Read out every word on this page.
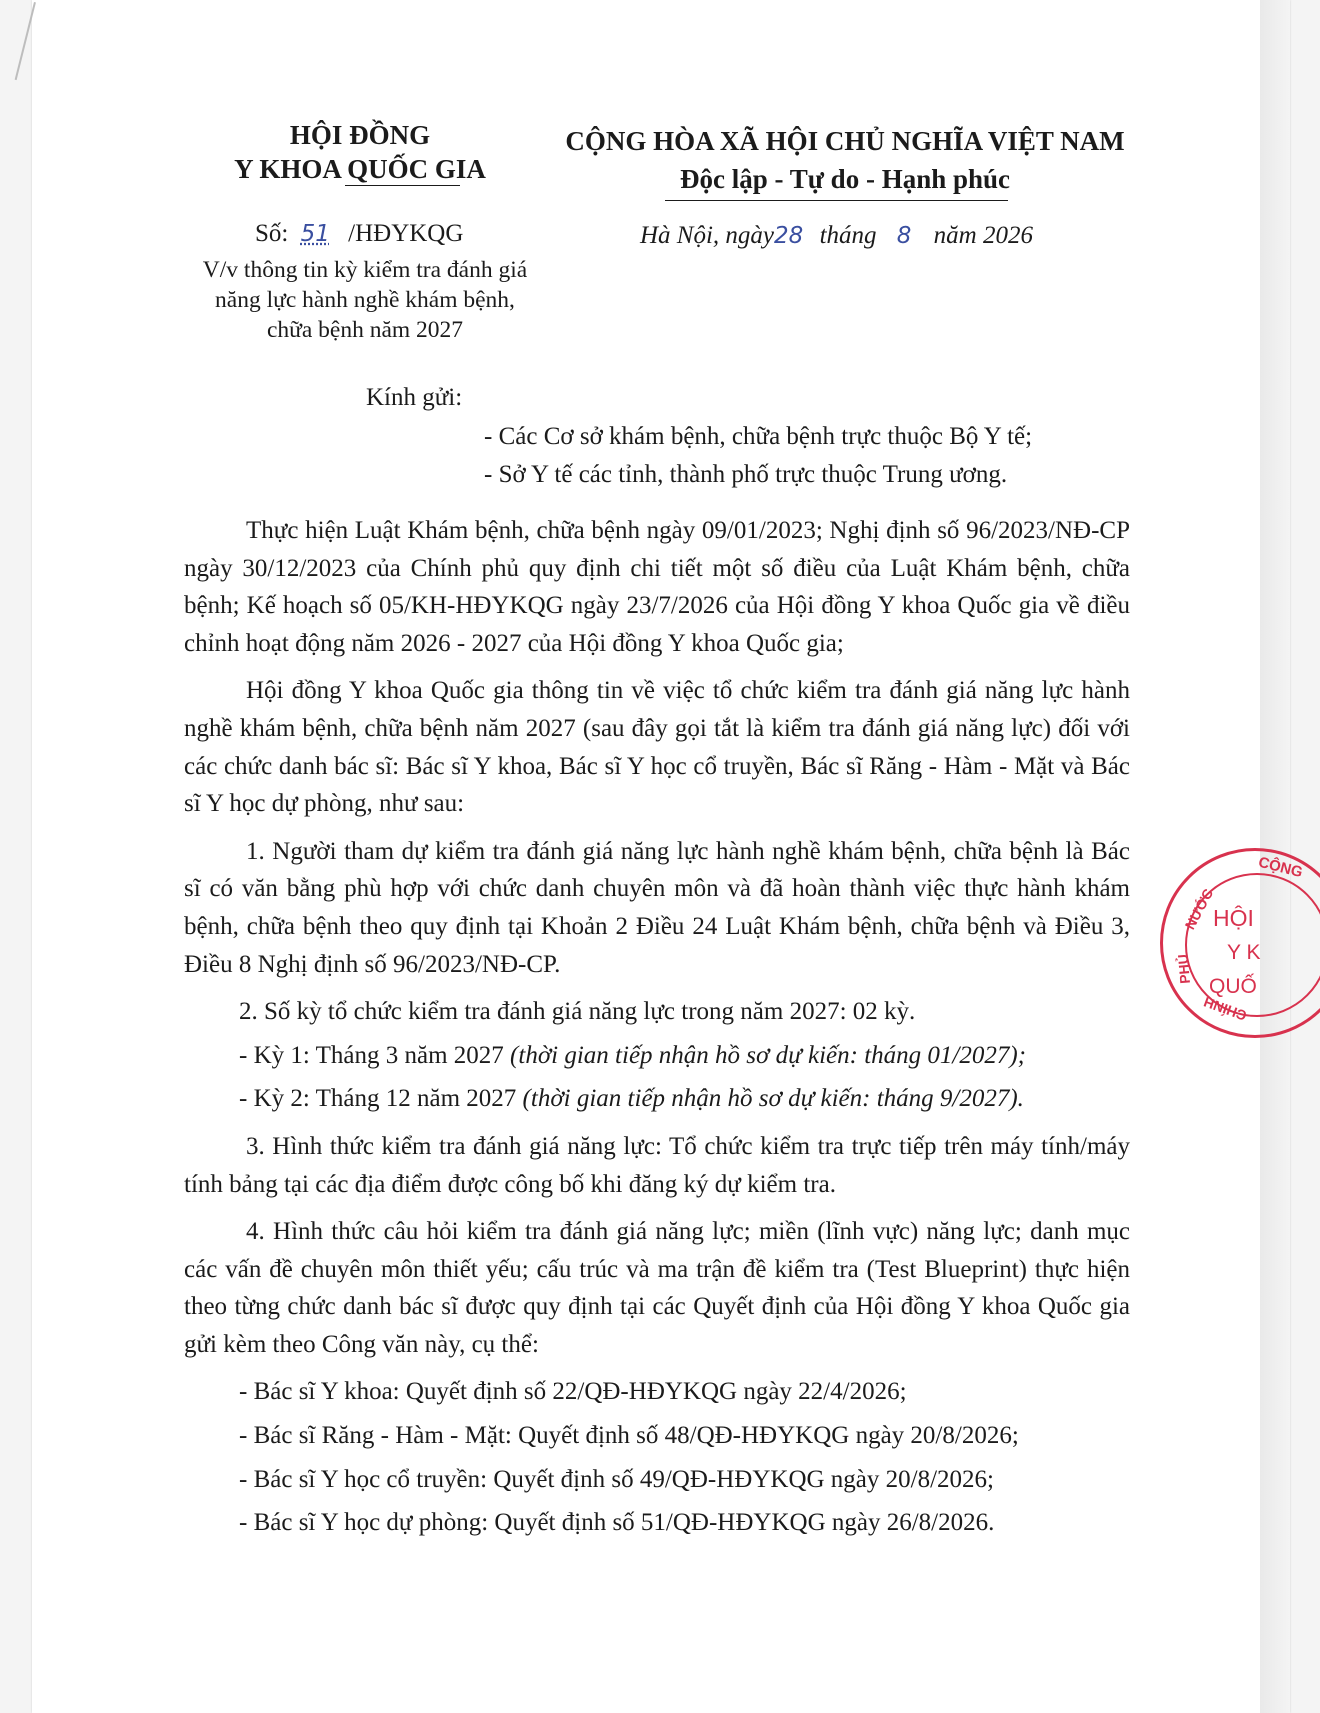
HỘI ĐỒNG
Y KHOA QUỐC GIA
CỘNG HÒA XÃ HỘI CHỦ NGHĨA VIỆT NAM
Độc lập - Tự do - Hạnh phúc
Số: 51 /HĐYKQG
V/v thông tin kỳ kiểm tra đánh giá
năng lực hành nghề khám bệnh,
chữa bệnh năm 2027
Hà Nội, ngày28 tháng 8 năm 2026
Kính gửi:
- Các Cơ sở khám bệnh, chữa bệnh trực thuộc Bộ Y tế;
- Sở Y tế các tỉnh, thành phố trực thuộc Trung ương.

Thực hiện Luật Khám bệnh, chữa bệnh ngày 09/01/2023; Nghị định số 96/2023/NĐ-CP ngày 30/12/2023 của Chính phủ quy định chi tiết một số điều của Luật Khám bệnh, chữa bệnh; Kế hoạch số 05/KH-HĐYKQG ngày 23/7/2026 của Hội đồng Y khoa Quốc gia về điều chỉnh hoạt động năm 2026 - 2027 của Hội đồng Y khoa Quốc gia;

Hội đồng Y khoa Quốc gia thông tin về việc tổ chức kiểm tra đánh giá năng lực hành nghề khám bệnh, chữa bệnh năm 2027 (sau đây gọi tắt là kiểm tra đánh giá năng lực) đối với các chức danh bác sĩ: Bác sĩ Y khoa, Bác sĩ Y học cổ truyền, Bác sĩ Răng - Hàm - Mặt và Bác sĩ Y học dự phòng, như sau:

1. Người tham dự kiểm tra đánh giá năng lực hành nghề khám bệnh, chữa bệnh là Bác sĩ có văn bằng phù hợp với chức danh chuyên môn và đã hoàn thành việc thực hành khám bệnh, chữa bệnh theo quy định tại Khoản 2 Điều 24 Luật Khám bệnh, chữa bệnh và Điều 3, Điều 8 Nghị định số 96/2023/NĐ-CP.

2. Số kỳ tổ chức kiểm tra đánh giá năng lực trong năm 2027: 02 kỳ.

- Kỳ 1: Tháng 3 năm 2027 (thời gian tiếp nhận hồ sơ dự kiến: tháng 01/2027);

- Kỳ 2: Tháng 12 năm 2027 (thời gian tiếp nhận hồ sơ dự kiến: tháng 9/2027).

3. Hình thức kiểm tra đánh giá năng lực: Tổ chức kiểm tra trực tiếp trên máy tính/máy tính bảng tại các địa điểm được công bố khi đăng ký dự kiểm tra.

4. Hình thức câu hỏi kiểm tra đánh giá năng lực; miền (lĩnh vực) năng lực; danh mục các vấn đề chuyên môn thiết yếu; cấu trúc và ma trận đề kiểm tra (Test Blueprint) thực hiện theo từng chức danh bác sĩ được quy định tại các Quyết định của Hội đồng Y khoa Quốc gia gửi kèm theo Công văn này, cụ thể:

- Bác sĩ Y khoa: Quyết định số 22/QĐ-HĐYKQG ngày 22/4/2026;

- Bác sĩ Răng - Hàm - Mặt: Quyết định số 48/QĐ-HĐYKQG ngày 20/8/2026;

- Bác sĩ Y học cổ truyền: Quyết định số 49/QĐ-HĐYKQG ngày 20/8/2026;

- Bác sĩ Y học dự phòng: Quyết định số 51/QĐ-HĐYKQG ngày 26/8/2026.

CỘNG
NƯỚC
PHỦ
CHÍNH
HỘI
Y K
QUỐ
